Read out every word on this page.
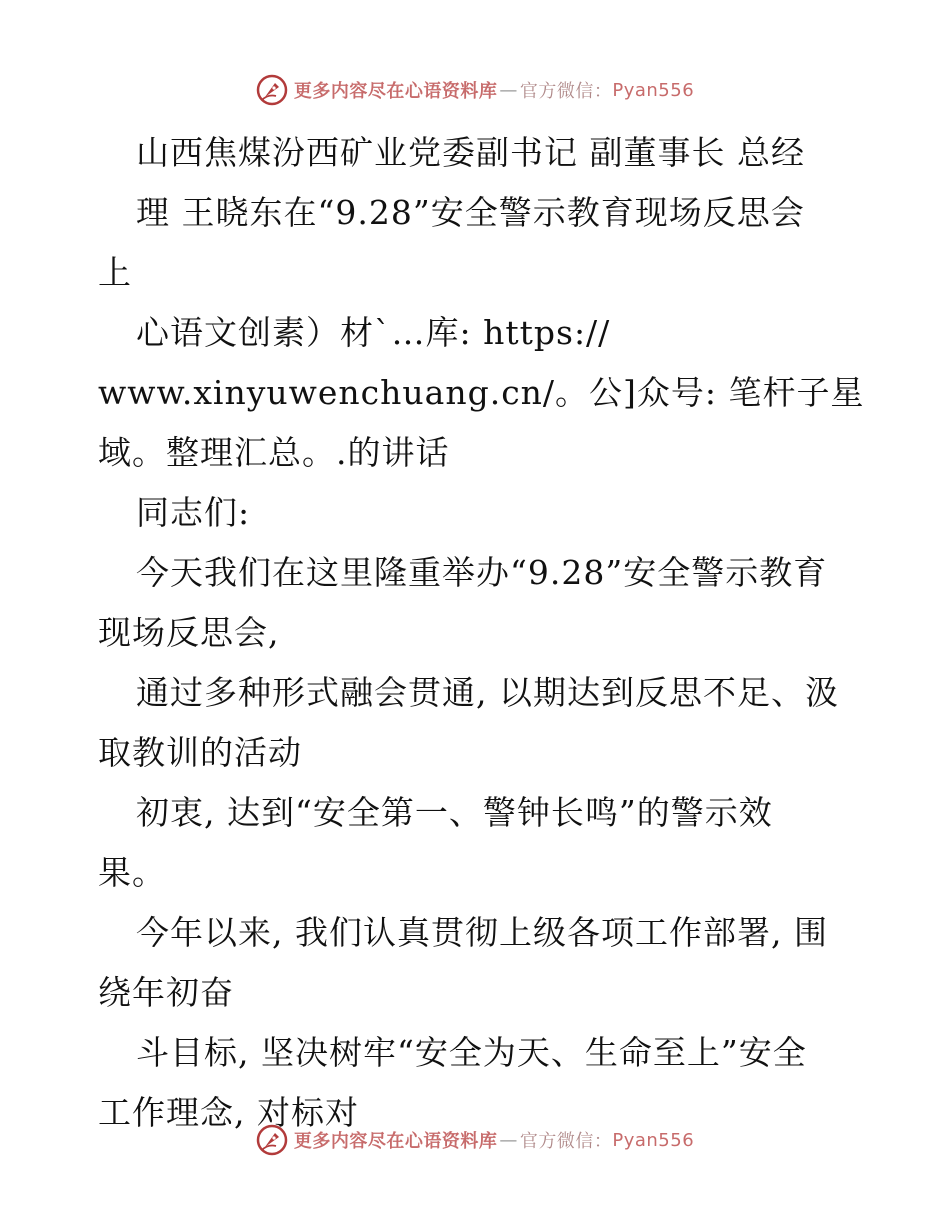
更多内容尽在心语资料库 — 官方微信： Pyan556
山西焦煤汾西矿业党委副书记 副董事长 总经
理 王晓东在“9.28”安全警示教育现场反思会
上
心语文创素）材`…库: https://
www.xinyuwenchuang.cn/。公]众号: 笔杆子星
域。整理汇总。.的讲话
同志们:
今天我们在这里隆重举办“9.28”安全警示教育
现场反思会,
通过多种形式融会贯通, 以期达到反思不足、汲
取教训的活动
初衷, 达到“安全第一、警钟长鸣”的警示效
果。
今年以来, 我们认真贯彻上级各项工作部署, 围
绕年初奋
斗目标, 坚决树牢“安全为天、生命至上”安全
工作理念, 对标对
更多内容尽在心语资料库 — 官方微信： Pyan556
